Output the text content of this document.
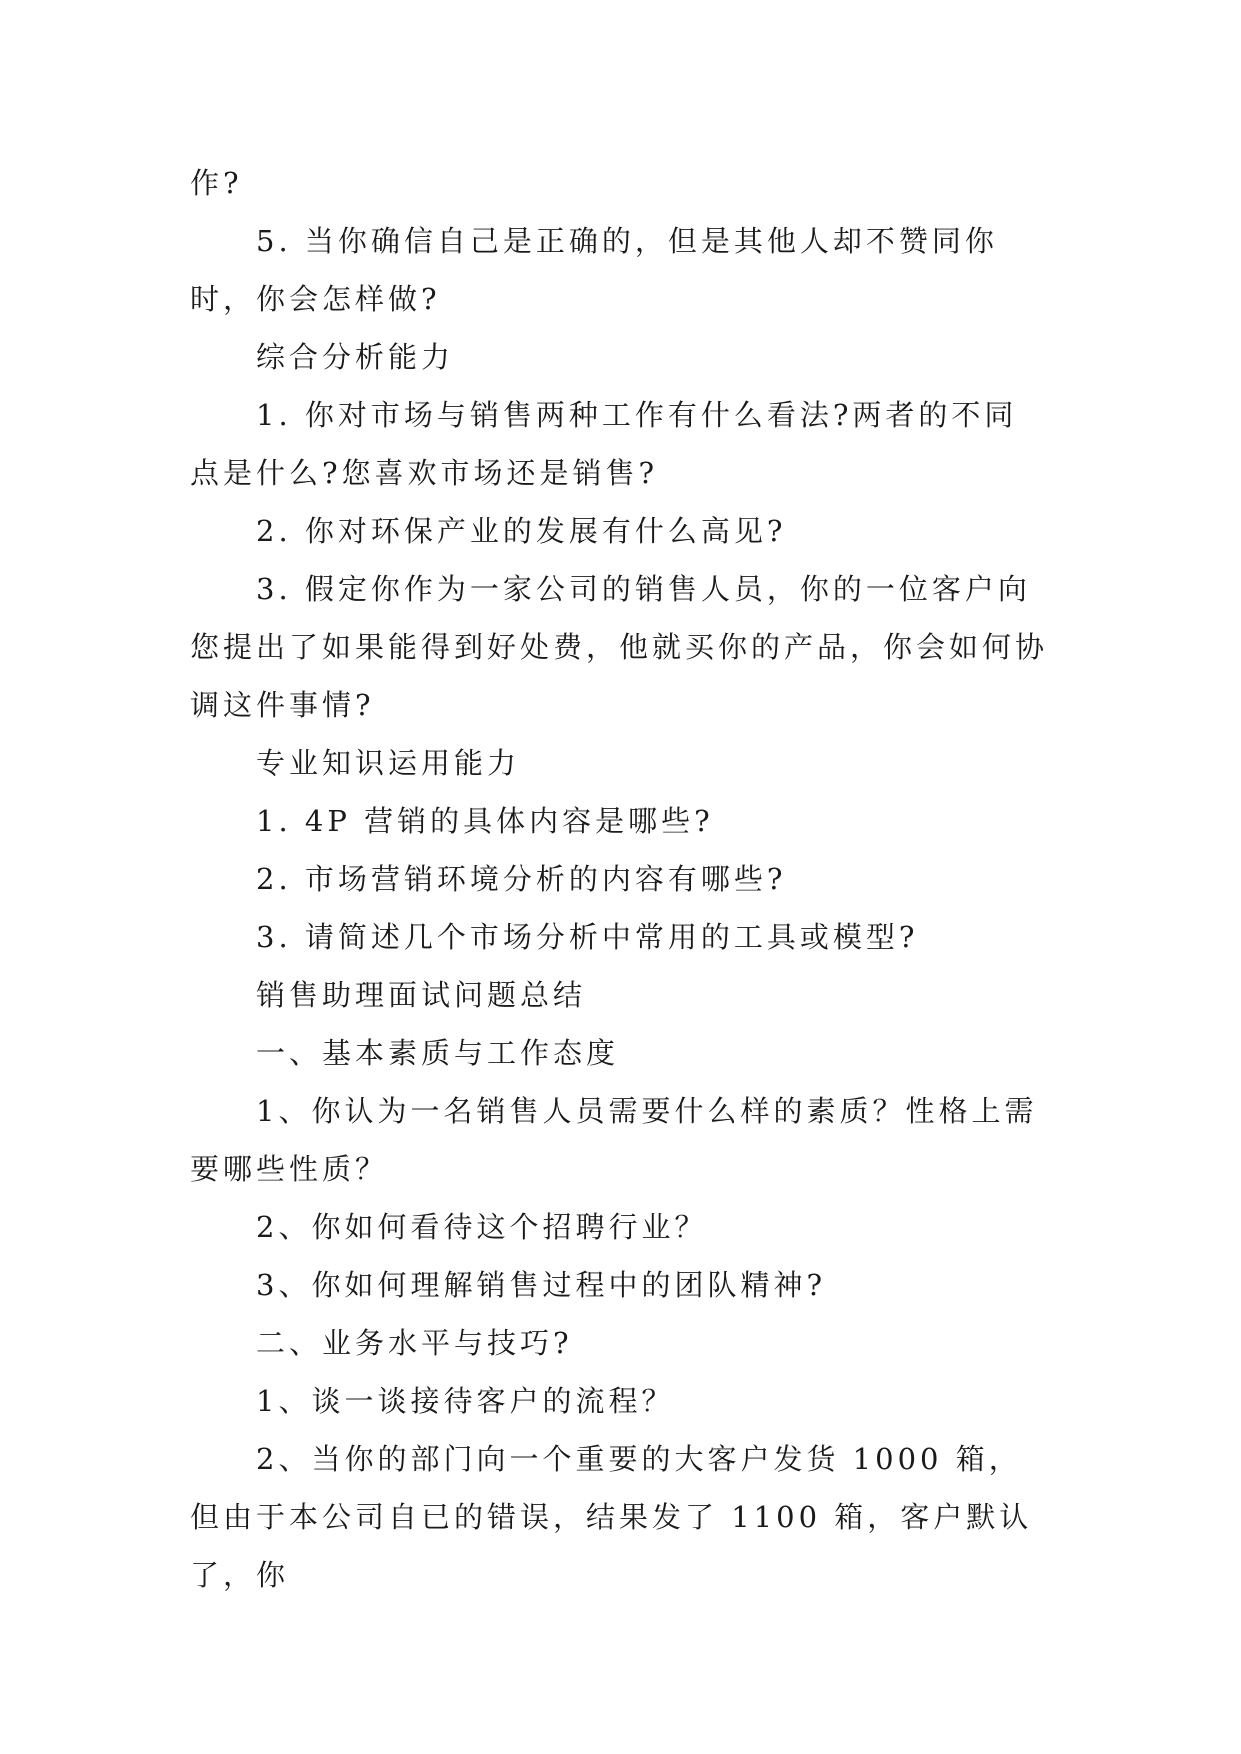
作?

5. 当你确信自己是正确的，但是其他人却不赞同你时，你会怎样做?

综合分析能力

1. 你对市场与销售两种工作有什么看法?两者的不同点是什么?您喜欢市场还是销售?

2. 你对环保产业的发展有什么高见?

3. 假定你作为一家公司的销售人员，你的一位客户向您提出了如果能得到好处费，他就买你的产品，你会如何协调这件事情?

专业知识运用能力

1. 4P 营销的具体内容是哪些?

2. 市场营销环境分析的内容有哪些?

3. 请简述几个市场分析中常用的工具或模型?

销售助理面试问题总结

一、基本素质与工作态度

1、你认为一名销售人员需要什么样的素质？性格上需要哪些性质？

2、你如何看待这个招聘行业？

3、你如何理解销售过程中的团队精神?

二、业务水平与技巧?

1、谈一谈接待客户的流程？

2、当你的部门向一个重要的大客户发货 1000 箱，但由于本公司自已的错误，结果发了 1100 箱，客户默认了，你
